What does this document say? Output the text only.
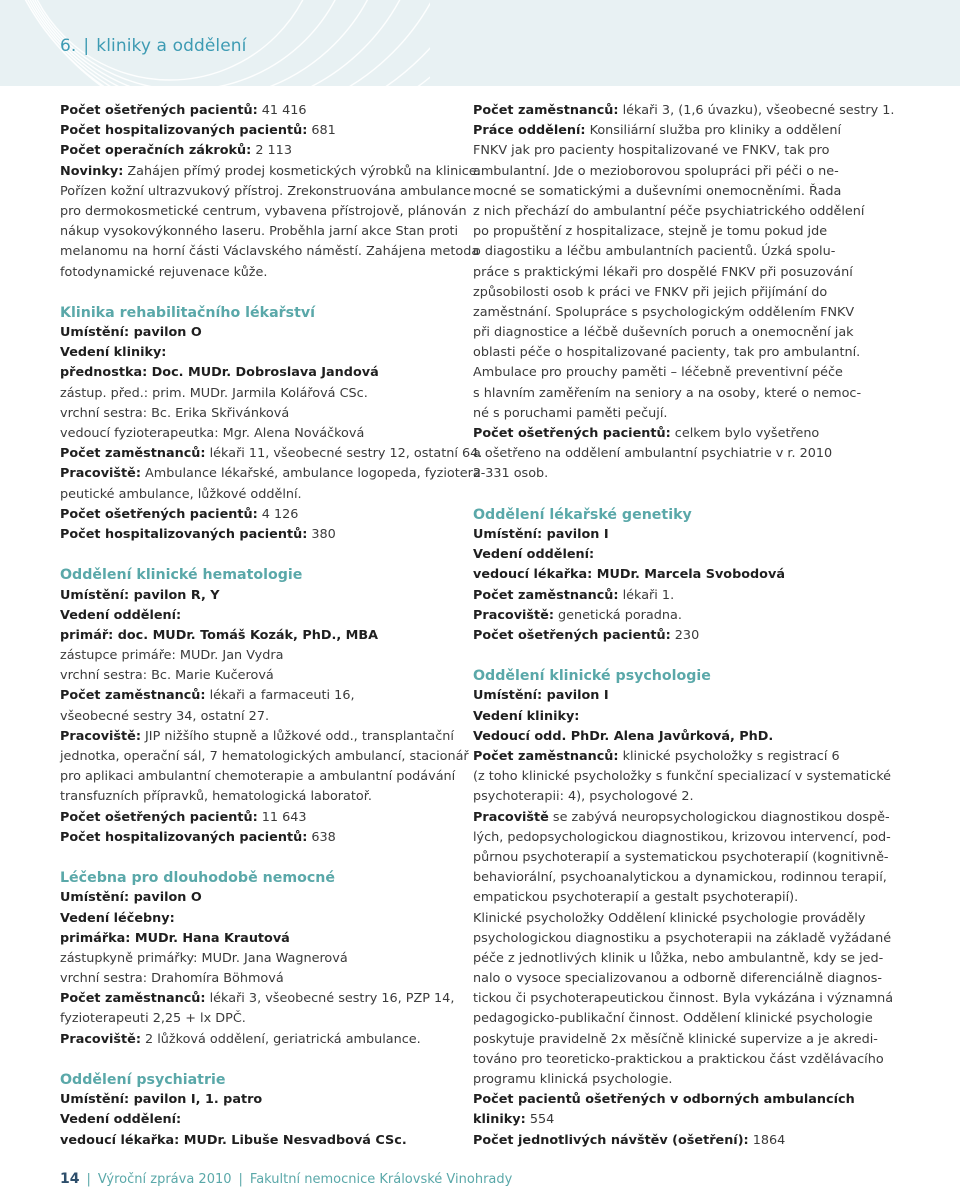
6. | kliniky a oddělení
Počet ošetřených pacientů: 41 416
Počet hospitalizovaných pacientů: 681
Počet operačních zákroků: 2 113
Novinky: Zahájen přímý prodej kosmetických výrobků na klinice.
Pořízen kožní ultrazvukový přístroj. Zrekonstruována ambulance
pro dermokosmetické centrum, vybavena přístrojově, plánován
nákup vysokovýkonného laseru. Proběhla jarní akce Stan proti
melanomu na horní části Václavského náměstí. Zahájena metoda
fotodynamické rejuvenace kůže.
Klinika rehabilitačního lékařství
Umístění: pavilon O
Vedení kliniky:
přednostka: Doc. MUDr. Dobroslava Jandová
zástup. před.: prim. MUDr. Jarmila Kolářová CSc.
vrchní sestra: Bc. Erika Skřivánková
vedoucí fyzioterapeutka: Mgr. Alena Nováčková
Počet zaměstnanců: lékaři 11, všeobecné sestry 12, ostatní 64.
Pracoviště: Ambulance lékařské, ambulance logopeda, fyziotera-
peutické ambulance, lůžkové oddělní.
Počet ošetřených pacientů: 4 126
Počet hospitalizovaných pacientů: 380
Oddělení klinické hematologie
Umístění: pavilon R, Y
Vedení oddělení:
primář: doc. MUDr. Tomáš Kozák, PhD., MBA
zástupce primáře: MUDr. Jan Vydra
vrchní sestra: Bc. Marie Kučerová
Počet zaměstnanců: lékaři a farmaceuti 16,
všeobecné sestry 34, ostatní 27.
Pracoviště: JIP nižšího stupně a lůžkové odd., transplantační
jednotka, operační sál, 7 hematologických ambulancí, stacionář
pro aplikaci ambulantní chemoterapie a ambulantní podávání
transfuzních přípravků, hematologická laboratoř.
Počet ošetřených pacientů: 11 643
Počet hospitalizovaných pacientů: 638
Léčebna pro dlouhodobě nemocné
Umístění: pavilon O
Vedení léčebny:
primářka: MUDr. Hana Krautová
zástupkyně primářky: MUDr. Jana Wagnerová
vrchní sestra: Drahomíra Böhmová
Počet zaměstnanců: lékaři 3, všeobecné sestry 16, PZP 14,
fyzioterapeuti 2,25 + lx DPČ.
Pracoviště: 2 lůžková oddělení, geriatrická ambulance.
Oddělení psychiatrie
Umístění: pavilon I, 1. patro
Vedení oddělení:
vedoucí lékařka: MUDr. Libuše Nesvadbová CSc.
Počet zaměstnanců: lékaři 3, (1,6 úvazku), všeobecné sestry 1.
Práce oddělení: Konsiliární služba pro kliniky a oddělení
FNKV jak pro pacienty hospitalizované ve FNKV, tak pro
ambulantní. Jde o mezioborovou spolupráci při péči o ne-
mocné se somatickými a duševními onemocněními. Řada
z nich přechází do ambulantní péče psychiatrického oddělení
po propuštění z hospitalizace, stejně je tomu pokud jde
o diagostiku a léčbu ambulantních pacientů. Úzká spolu-
práce s praktickými lékaři pro dospělé FNKV při posuzování
způsobilosti osob k práci ve FNKV při jejich přijímání do
zaměstnání. Spolupráce s psychologickým oddělením FNKV
při diagnostice a léčbě duševních poruch a onemocnění jak
oblasti péče o hospitalizované pacienty, tak pro ambulantní.
Ambulace pro prouchy paměti – léčebně preventivní péče
s hlavním zaměřením na seniory a na osoby, které o nemoc-
né s poruchami paměti pečují.
Počet ošetřených pacientů: celkem bylo vyšetřeno
a ošetřeno na oddělení ambulantní psychiatrie v r. 2010
2 331 osob.
Oddělení lékařské genetiky
Umístění: pavilon I
Vedení oddělení:
vedoucí lékařka: MUDr. Marcela Svobodová
Počet zaměstnanců: lékaři 1.
Pracoviště: genetická poradna.
Počet ošetřených pacientů: 230
Oddělení klinické psychologie
Umístění: pavilon I
Vedení kliniky:
Vedoucí odd. PhDr. Alena Javůrková, PhD.
Počet zaměstnanců: klinické psycholožky s registrací 6
(z toho klinické psycholožky s funkční specializací v systematické
psychoterapii: 4), psychologové 2.
Pracoviště se zabývá neuropsychologickou diagnostikou dospě-
lých, pedopsychologickou diagnostikou, krizovou intervencí, pod-
půrnou psychoterapií a systematickou psychoterapií (kognitivně-
behaviorální, psychoanalytickou a dynamickou, rodinnou terapií,
empatickou psychoterapií a gestalt psychoterapií).
Klinické psycholožky Oddělení klinické psychologie prováděly
psychologickou diagnostiku a psychoterapii na základě vyžádané
péče z jednotlivých klinik u lůžka, nebo ambulantně, kdy se jed-
nalo o vysoce specializovanou a odborně diferenciálně diagnos-
tickou či psychoterapeutickou činnost. Byla vykázána i významná
pedagogicko-publikační činnost. Oddělení klinické psychologie
poskytuje pravidelně 2x měsíčně klinické supervize a je akredi-
továno pro teoreticko-praktickou a praktickou část vzdělávacího
programu klinická psychologie.
Počet pacientů ošetřených v odborných ambulancích
kliniky: 554
Počet jednotlivých návštěv (ošetření): 1864
14 | Výroční zpráva 2010 | Fakultní nemocnice Královské Vinohrady
